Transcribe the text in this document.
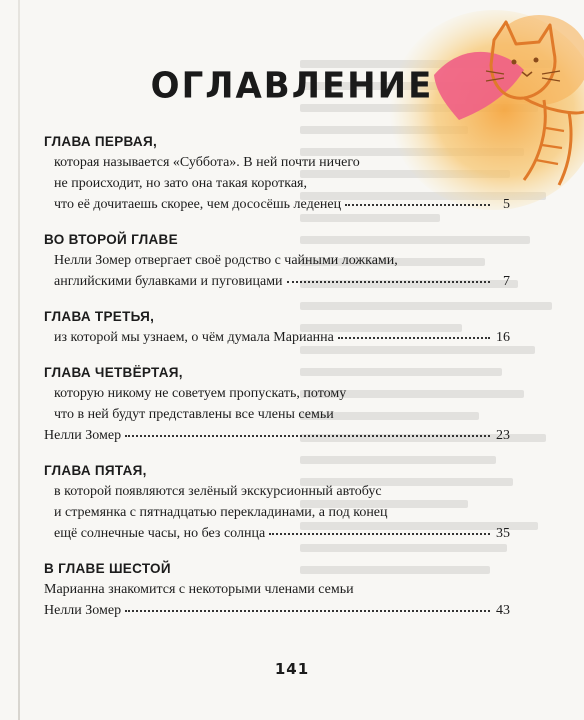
ОГЛАВЛЕНИЕ
ГЛАВА ПЕРВАЯ,
которая называется «Суббота». В ней почти ничего
не происходит, но зато она такая короткая,
что её дочитаешь скорее, чем дососёшь леденец	5
ВО ВТОРОЙ ГЛАВЕ
Нелли Зомер отвергает своё родство с чайными ложками,
английскими булавками и пуговицами	7
ГЛАВА ТРЕТЬЯ,
из которой мы узнаем, о чём думала Марианна	16
ГЛАВА ЧЕТВЁРТАЯ,
которую никому не советуем пропускать, потому
что в ней будут представлены все члены семьи
Нелли Зомер	23
ГЛАВА ПЯТАЯ,
в которой появляются зелёный экскурсионный автобус
и стремянка с пятнадцатью перекладинами, а под конец
ещё солнечные часы, но без солнца	35
В ГЛАВЕ ШЕСТОЙ
Марианна знакомится с некоторыми членами семьи
Нелли Зомер	43
141
